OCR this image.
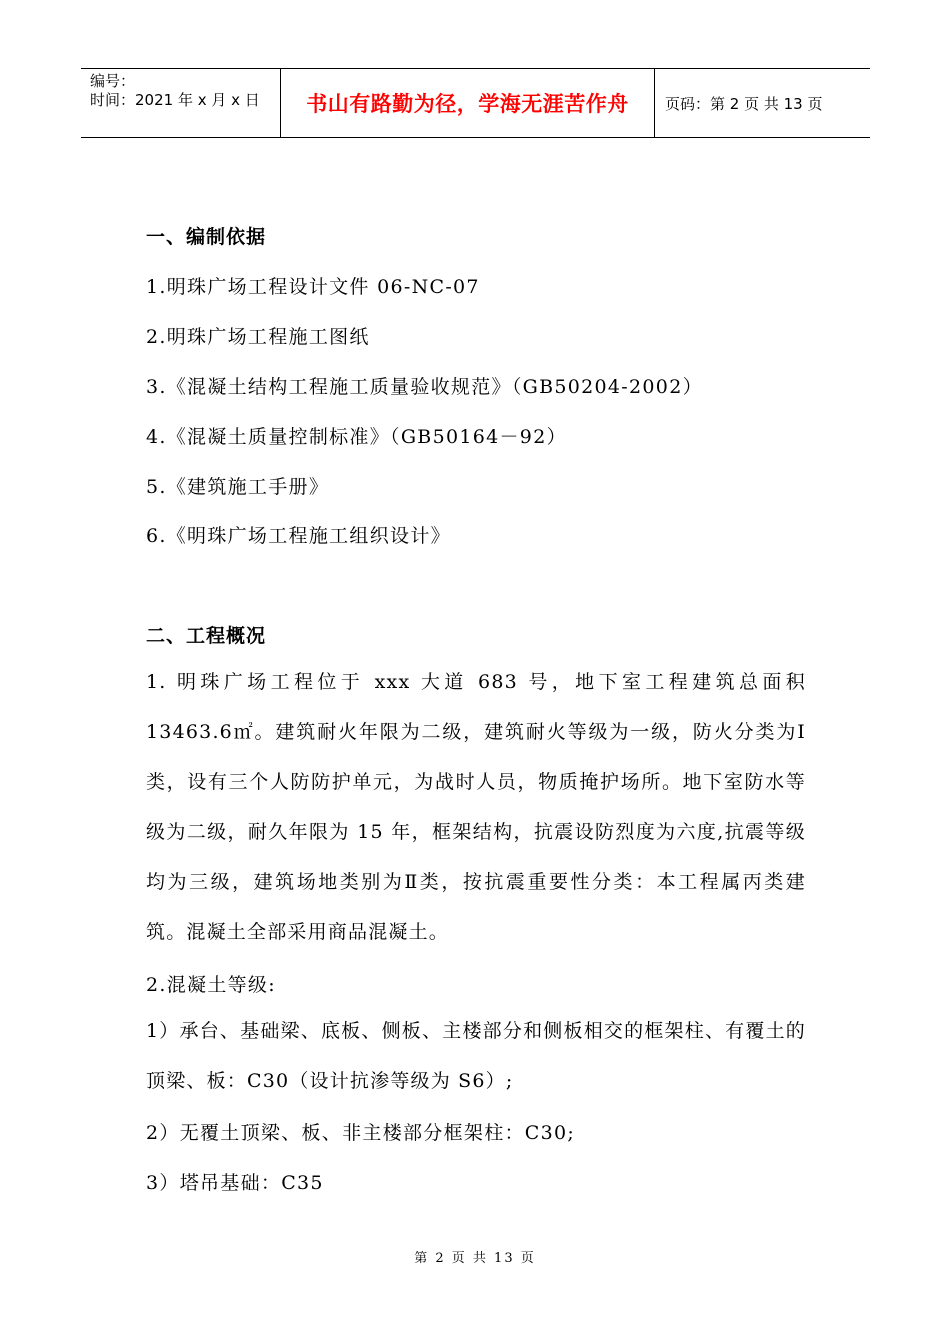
编号：
时间：2021 年 x 月 x 日	书山有路勤为径，学海无涯苦作舟	页码：第 2 页 共 13 页
一、编制依据
1.明珠广场工程设计文件 06-NC-07
2.明珠广场工程施工图纸
3.《混凝土结构工程施工质量验收规范》（GB50204-2002）
4.《混凝土质量控制标准》（GB50164－92）
5.《建筑施工手册》
6.《明珠广场工程施工组织设计》
二、工程概况
1. 明珠广场工程位于 xxx 大道 683 号，地下室工程建筑总面积 13463.6㎡。建筑耐火年限为二级，建筑耐火等级为一级，防火分类为Ⅰ类，设有三个人防防护单元，为战时人员，物质掩护场所。地下室防水等级为二级，耐久年限为 15 年，框架结构，抗震设防烈度为六度,抗震等级均为三级，建筑场地类别为Ⅱ类，按抗震重要性分类：本工程属丙类建筑。混凝土全部采用商品混凝土。
2.混凝土等级:
1）承台、基础梁、底板、侧板、主楼部分和侧板相交的框架柱、有覆土的顶梁、板：C30（设计抗渗等级为 S6）;
2）无覆土顶梁、板、非主楼部分框架柱：C30;
3）塔吊基础：C35
第 2 页 共 13 页
